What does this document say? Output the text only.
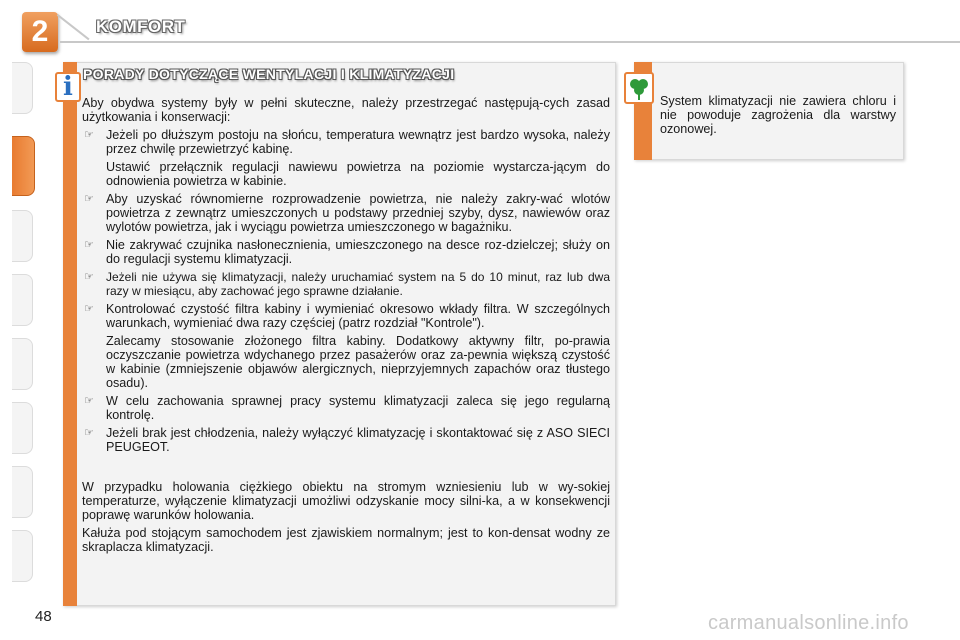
2	KOMFORT
48
i PORADY DOTYCZĄCE WENTYLACJI I KLIMATYZACJI

Aby obydwa systemy były w pełni skuteczne, należy przestrzegać następują-cych zasad użytkowania i konserwacji:

☞ Jeżeli po dłuższym postoju na słońcu, temperatura wewnątrz jest bardzo wysoka, należy przez chwilę przewietrzyć kabinę.
Ustawić przełącznik regulacji nawiewu powietrza na poziomie wystarcza-jącym do odnowienia powietrza w kabinie.
☞ Aby uzyskać równomierne rozprowadzenie powietrza, nie należy zakry-wać wlotów powietrza z zewnątrz umieszczonych u podstawy przedniej szyby, dysz, nawiewów oraz wylotów powietrza, jak i wyciągu powietrza umieszczonego w bagażniku.
☞ Nie zakrywać czujnika nasłonecznienia, umieszczonego na desce roz-dzielczej; służy on do regulacji systemu klimatyzacji.
☞ Jeżeli nie używa się klimatyzacji, należy uruchamiać system na 5 do 10 minut, raz lub dwa razy w miesiącu, aby zachować jego sprawne działanie.
☞ Kontrolować czystość filtra kabiny i wymieniać okresowo wkłady filtra. W szczególnych warunkach, wymieniać dwa razy częściej (patrz rozdział "Kontrole").
Zalecamy stosowanie złożonego filtra kabiny. Dodatkowy aktywny filtr, po-prawia oczyszczanie powietrza wdychanego przez pasażerów oraz za-pewnia większą czystość w kabinie (zmniejszenie objawów alergicznych, nieprzyjemnych zapachów oraz tłustego osadu).
☞ W celu zachowania sprawnej pracy systemu klimatyzacji zaleca się jego regularną kontrolę.
☞ Jeżeli brak jest chłodzenia, należy wyłączyć klimatyzację i skontaktować się z ASO SIECI PEUGEOT.

W przypadku holowania ciężkiego obiektu na stromym wzniesieniu lub w wy-sokiej temperaturze, wyłączenie klimatyzacji umożliwi odzyskanie mocy silni-ka, a w konsekwencji poprawę warunków holowania.

Kałuża pod stojącym samochodem jest zjawiskiem normalnym; jest to kon-densat wodny ze skraplacza klimatyzacji.

System klimatyzacji nie zawiera chloru i nie powoduje zagrożenia dla warstwy ozonowej.
carmanualsonline.info
